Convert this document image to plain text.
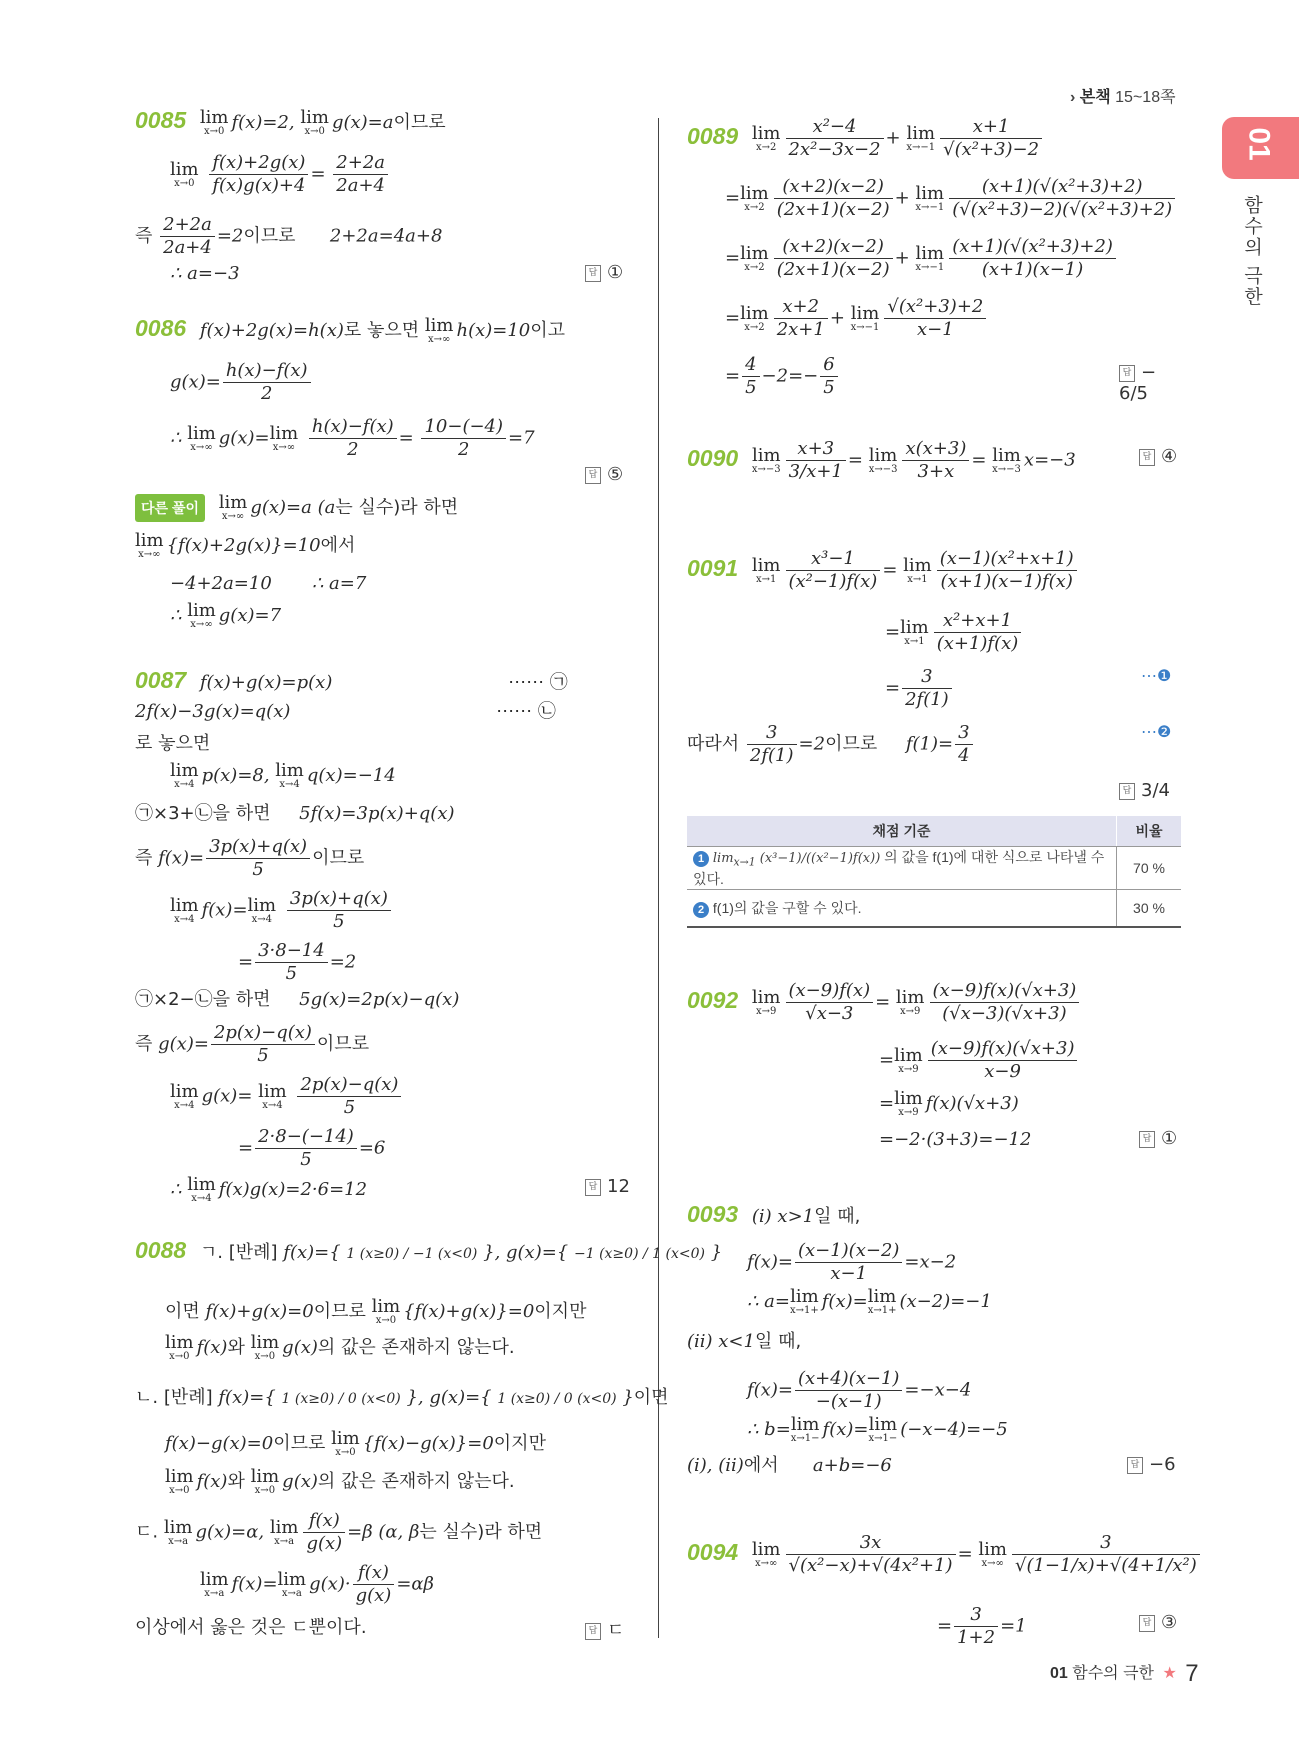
› 본책 15~18쪽
01
함수의 극한
0085 lim
x→0 f(x)=2, lim
x→0 g(x)=a이므로
lim
x→0
$\frac{f(x)+2g(x)}{f(x)g(x)+4} = \frac{2+2a}{2a+4}$
즉 $\frac{2+2a}{2a+4} =2$이므로      2+2a=4a+8
∴ a=−3	답 ①
0086 f(x)+2g(x)=h(x)로 놓으면 lim
x→∞ h(x)=10이고
$g(x)= \frac{h(x)-f(x)}{2}$
∴ lim
x→∞ g(x)= lim
x→∞
$\frac{h(x)-f(x)}{2} = \frac{10-(-4)}{2} =7$
답 ⑤
다른 풀이 lim
x→∞ g(x)=a (a는 실수)라 하면
lim
x→∞ {f(x)+2g(x)}=10에서
−4+2a=10       ∴ a=7
∴ lim
x→∞ g(x)=7
0087 f(x)+g(x)=p(x)	⋯⋯ ㉠
2f(x)−3g(x)=q(x)	⋯⋯ ㉡
로 놓으면
lim
x→4 p(x)=8, lim
x→4 q(x)=−14
㉠×3+㉡을 하면     5f(x)=3p(x)+q(x)
즉 $f(x)= \frac{3p(x)+q(x)}{5}$ 이므로
lim
x→4 f(x)= lim
x→4
$\frac{3p(x)+q(x)}{5}$
= $\frac{3\cdot 8-14}{5} =2$
㉠×2−㉡을 하면     5g(x)=2p(x)−q(x)
즉 $g(x)= \frac{2p(x)-q(x)}{5}$ 이므로
lim
x→4 g(x)= lim
x→4
$\frac{2p(x)-q(x)}{5}$
= $\frac{2\cdot 8-(-14)}{5} =6$
∴ lim
x→4 f(x)g(x)=2·6=12	답 12
0088 ㄱ. [반례] f(x)={ 1 (x≥0) / −1 (x<0) }, g(x)={ −1 (x≥0) / 1 (x<0) }
이면 f(x)+g(x)=0이므로 lim
x→0 {f(x)+g(x)}=0이지만
lim
x→0 f(x)와 lim
x→0 g(x)의 값은 존재하지 않는다.
ㄴ. [반례] f(x)={ 1 (x≥0) / 0 (x<0) }, g(x)={ 1 (x≥0) / 0 (x<0) }이면
f(x)−g(x)=0이므로 lim
x→0 {f(x)−g(x)}=0이지만
lim
x→0 f(x)와 lim
x→0 g(x)의 값은 존재하지 않는다.
ㄷ. lim
x→a g(x)=α, lim
$x\to a \frac{f(x)}{g(x)} =\beta$ (α, β는 실수)라 하면
lim
x→a f(x)= lim
x→a $g(x)\cdot \frac{f(x)}{g(x)} =\alpha\beta$
이상에서 옳은 것은 ㄷ뿐이다.	답 ㄷ
0089 lim
$x\to 2 \frac{\text{x²−4}}{\text{2x²−3x−2}} + \lim$
$x\to-1 \frac{x+1}{\text{√(x²+3)−2}}$
= lim
$x\to 2 \frac{(x+2)(x-2)}{(2x+1)(x-2)} + \lim$
$x\to-1 \frac{\text{(x+1)(√(x²+3)+2)}}{\text{(√(x²+3)−2)(√(x²+3)+2)}}$
= lim
$x\to 2 \frac{(x+2)(x-2)}{(2x+1)(x-2)} + \lim$
$x\to-1 \frac{\text{(x+1)(√(x²+3)+2)}}{(x+1)(x-1)}$
= lim
$x\to 2 \frac{x+2}{2x+1} + \lim$
$x\to-1 \frac{\text{√(x²+3)+2}}{x-1}$
= $\frac{4}{5} -2=- \frac{6}{5}$	답 − 6/5
0090 lim
$x\to-3 \frac{x+3}{3/x+1} = \lim$
$x\to-3 \frac{x(x+3)}{3+x} = \lim$
x→−3 x=−3	답 ④
0091 lim
$x\to 1 \frac{\text{x³−1}}{\text{(x²−1)f(x)}} = \lim$
$x\to 1 \frac{\text{(x−1)(x²+x+1)}}{(x+1)(x-1)f(x)}$
= lim
$x\to 1 \frac{\text{x²+x+1}}{(x+1)f(x)}$
= $\frac{3}{2f(1)}$	⋯❶
따라서 $\frac{3}{2f(1)} =2$이므로     $f(1)= \frac{3}{4}$	⋯❷
답 3/4
0092 lim
$x\to 9 \frac{(x-9)f(x)}{√x-3} = \lim$
$x\to 9 \frac{(x-9)f(x)(√x+3)}{(√x-3)(√x+3)}$
= lim
$x\to 9 \frac{(x-9)f(x)(√x+3)}{x-9}$
= lim
x→9 f(x)(√x+3)
=−2·(3+3)=−12	답 ①
0093 (i) x>1일 때,
$f(x)= \frac{(x-1)(x-2)}{x-1} =x-2$
∴ a= lim
x→1+ f(x)= lim
x→1+ (x−2)=−1
(ii) x<1일 때,
$f(x)= \frac{(x+4)(x-1)}{-(x-1)} =-x-4$
∴ b= lim
x→1− f(x)= lim
x→1− (−x−4)=−5
(i), (ii)에서      a+b=−6	답 −6
0094 lim
$x\to\infty \frac{3x}{\text{√(x²−x)+√(4x²+1)}} = \lim$
$x\to\infty \frac{3}{\text{√(1−1/x)+√(4+1/x²)}}$
= $\frac{3}{1+2} =1$	답 ③
채점 기준	비율
1 $\lim_{x\to 1} (x^3-1)/((x^2-1)f(x))$ 의 값을 f(1)에 대한 식으로 나타낼 수 있다.	70 %
2 f(1)의 값을 구할 수 있다.	30 %
01 함수의 극한 ★ 7
